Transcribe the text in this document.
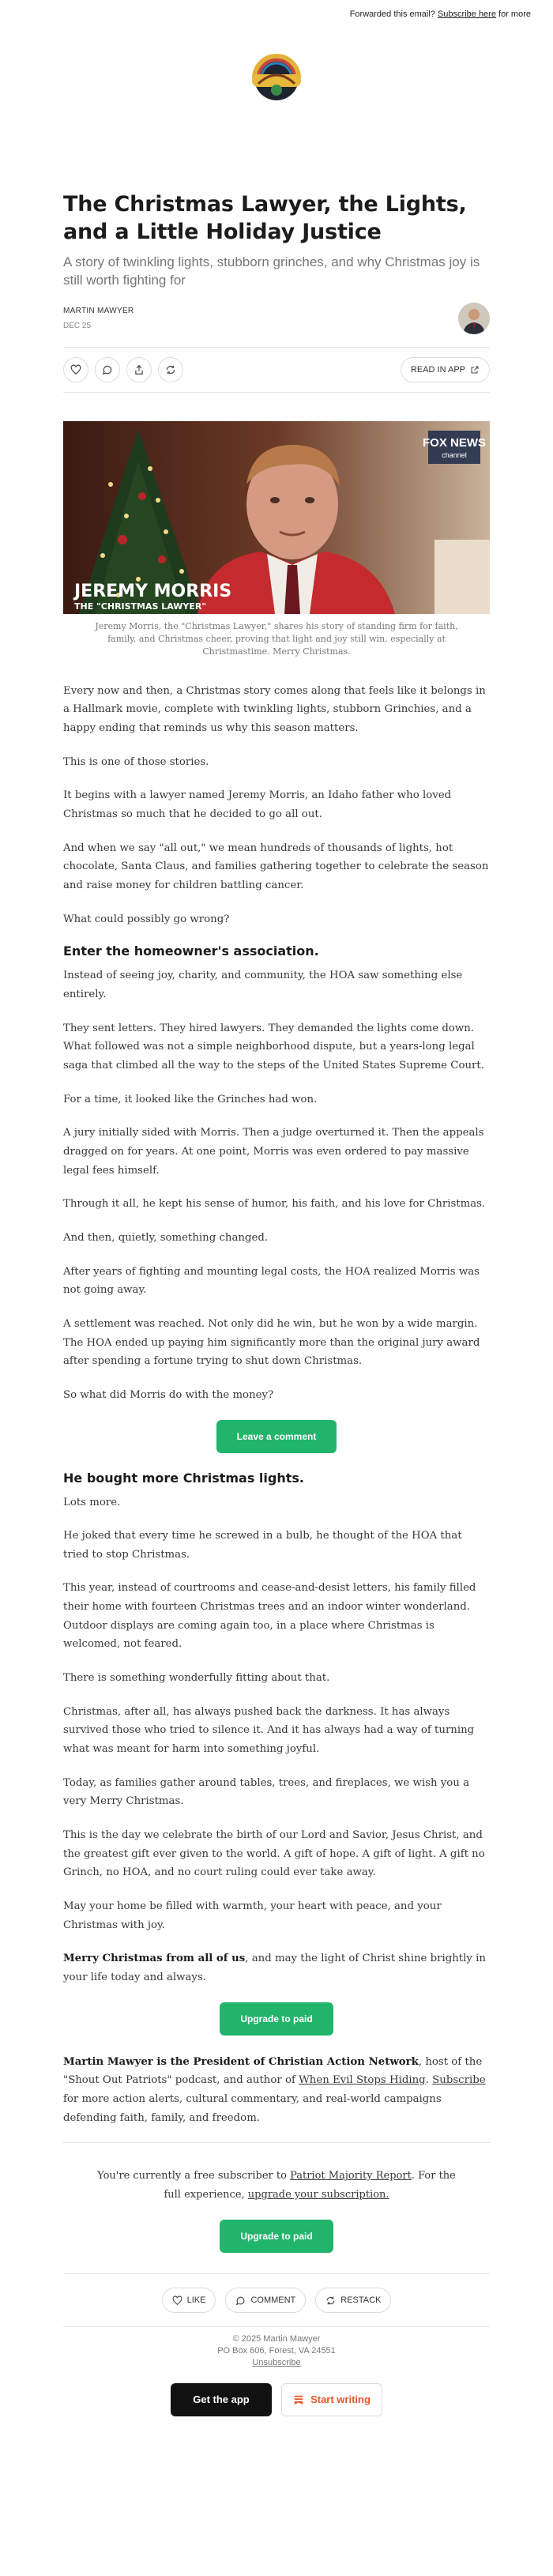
Forwarded this email? Subscribe here for more
The Christmas Lawyer, the Lights, and a Little Holiday Justice
A story of twinkling lights, stubborn grinches, and why Christmas joy is still worth fighting for
MARTIN MAWYER
DEC 25
READ IN APP
FOX NEWS
channel
JEREMY MORRIS
THE "CHRISTMAS LAWYER"
Jeremy Morris, the "Christmas Lawyer," shares his story of standing firm for faith, family, and Christmas cheer, proving that light and joy still win, especially at Christmastime. Merry Christmas.

Every now and then, a Christmas story comes along that feels like it belongs in a Hallmark movie, complete with twinkling lights, stubborn Grinchies, and a happy ending that reminds us why this season matters.

This is one of those stories.

It begins with a lawyer named Jeremy Morris, an Idaho father who loved Christmas so much that he decided to go all out.

And when we say "all out," we mean hundreds of thousands of lights, hot chocolate, Santa Claus, and families gathering together to celebrate the season and raise money for children battling cancer.

What could possibly go wrong?

Enter the homeowner's association.

Instead of seeing joy, charity, and community, the HOA saw something else entirely.

They sent letters. They hired lawyers. They demanded the lights come down. What followed was not a simple neighborhood dispute, but a years-long legal saga that climbed all the way to the steps of the United States Supreme Court.

For a time, it looked like the Grinches had won.

A jury initially sided with Morris. Then a judge overturned it. Then the appeals dragged on for years. At one point, Morris was even ordered to pay massive legal fees himself.

Through it all, he kept his sense of humor, his faith, and his love for Christmas.

And then, quietly, something changed.

After years of fighting and mounting legal costs, the HOA realized Morris was not going away.

A settlement was reached. Not only did he win, but he won by a wide margin. The HOA ended up paying him significantly more than the original jury award after spending a fortune trying to shut down Christmas.

So what did Morris do with the money?

Leave a comment
He bought more Christmas lights.

Lots more.

He joked that every time he screwed in a bulb, he thought of the HOA that tried to stop Christmas.

This year, instead of courtrooms and cease-and-desist letters, his family filled their home with fourteen Christmas trees and an indoor winter wonderland. Outdoor displays are coming again too, in a place where Christmas is welcomed, not feared.

There is something wonderfully fitting about that.

Christmas, after all, has always pushed back the darkness. It has always survived those who tried to silence it. And it has always had a way of turning what was meant for harm into something joyful.

Today, as families gather around tables, trees, and fireplaces, we wish you a very Merry Christmas.

This is the day we celebrate the birth of our Lord and Savior, Jesus Christ, and the greatest gift ever given to the world. A gift of hope. A gift of light. A gift no Grinch, no HOA, and no court ruling could ever take away.

May your home be filled with warmth, your heart with peace, and your Christmas with joy.

Merry Christmas from all of us, and may the light of Christ shine brightly in your life today and always.

Upgrade to paid

Martin Mawyer is the President of Christian Action Network, host of the "Shout Out Patriots" podcast, and author of When Evil Stops Hiding. Subscribe for more action alerts, cultural commentary, and real-world campaigns defending faith, family, and freedom.

You're currently a free subscriber to Patriot Majority Report. For the full experience, upgrade your subscription.
Upgrade to paid
LIKE	COMMENT	RESTACK
© 2025 Martin Mawyer
PO Box 606, Forest, VA 24551
Unsubscribe
Get the app	Start writing
